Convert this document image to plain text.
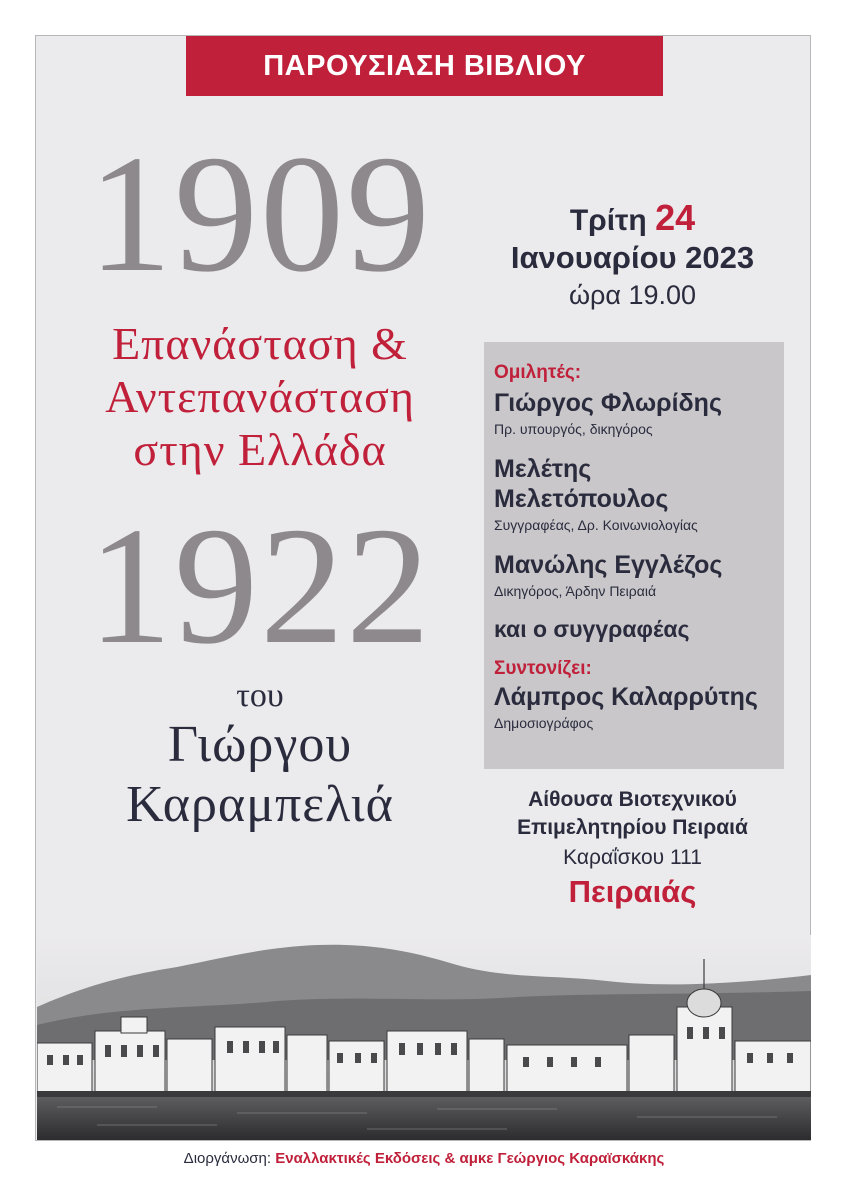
ΠΑΡΟΥΣΙΑΣΗ ΒΙΒΛΙΟΥ
1909
Επανάσταση &
Αντεπανάσταση
στην Ελλάδα
1922
του
Γιώργου
Καραμπελιά
Τρίτη 24
Ιανουαρίου 2023
ώρα 19.00
Ομιλητές:
Γιώργος Φλωρίδης
Πρ. υπουργός, δικηγόρος
Μελέτης
Μελετόπουλος
Συγγραφέας, Δρ. Κοινωνιολογίας
Μανώλης Εγγλέζος
Δικηγόρος, Άρδην Πειραιά
και ο συγγραφέας
Συντονίζει:
Λάμπρος Καλαρρύτης
Δημοσιογράφος
Αίθουσα Βιοτεχνικού
Επιμελητηρίου Πειραιά
Καραΐσκου 111
Πειραιάς
Διοργάνωση: Εναλλακτικές Εκδόσεις & αμκε Γεώργιος Καραϊσκάκης
